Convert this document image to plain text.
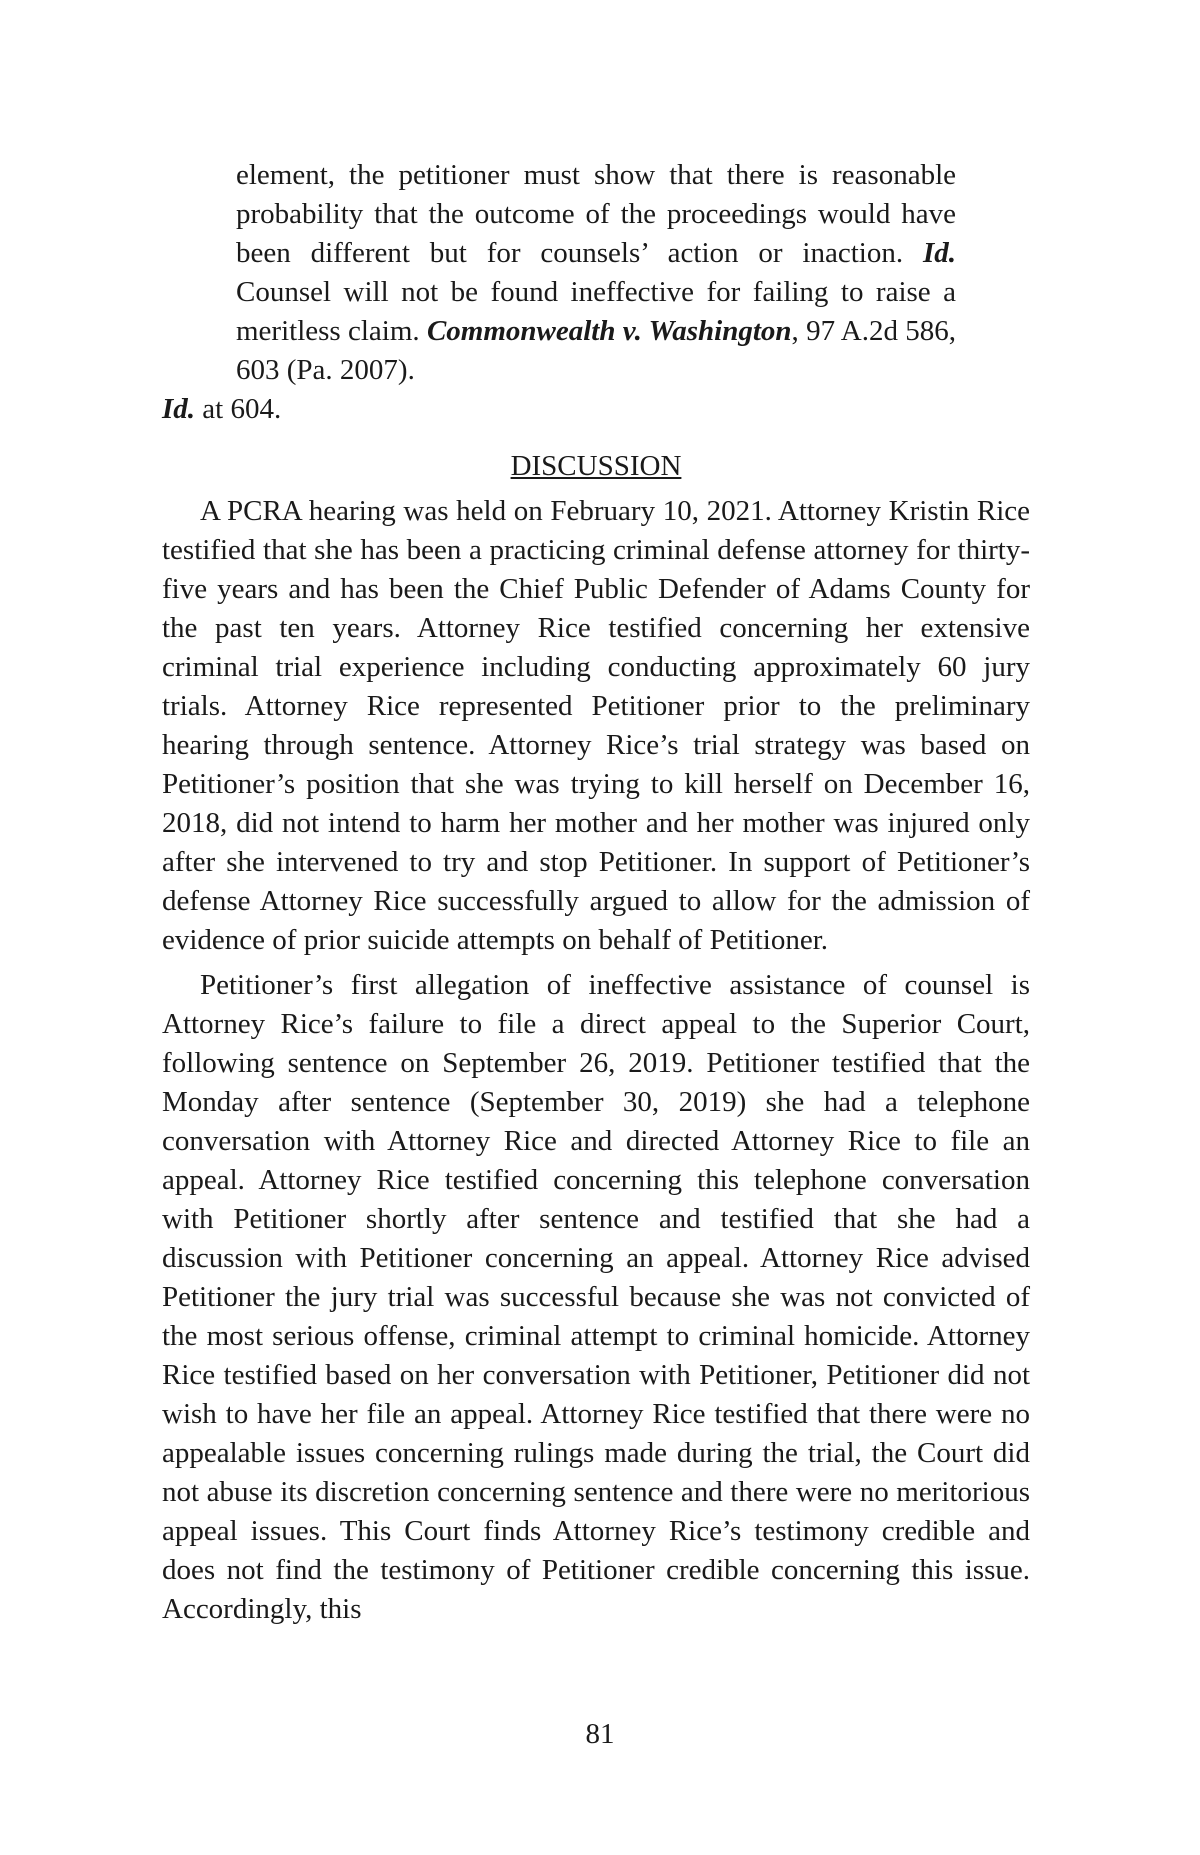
element, the petitioner must show that there is reasonable probability that the outcome of the proceedings would have been different but for counsels’ action or inaction. Id. Counsel will not be found ineffective for failing to raise a meritless claim. Commonwealth v. Washington, 97 A.2d 586, 603 (Pa. 2007).

Id. at 604.

DISCUSSION

A PCRA hearing was held on February 10, 2021. Attorney Kristin Rice testified that she has been a practicing criminal defense attorney for thirty-five years and has been the Chief Public Defender of Adams County for the past ten years. Attorney Rice testified concerning her extensive criminal trial experience including conducting approximately 60 jury trials. Attorney Rice represented Petitioner prior to the preliminary hearing through sentence. Attorney Rice’s trial strategy was based on Petitioner’s position that she was trying to kill herself on December 16, 2018, did not intend to harm her mother and her mother was injured only after she intervened to try and stop Petitioner. In support of Petitioner’s defense Attorney Rice successfully argued to allow for the admission of evidence of prior suicide attempts on behalf of Petitioner.

Petitioner’s first allegation of ineffective assistance of counsel is Attorney Rice’s failure to file a direct appeal to the Superior Court, following sentence on September 26, 2019. Petitioner testified that the Monday after sentence (September 30, 2019) she had a telephone conversation with Attorney Rice and directed Attorney Rice to file an appeal. Attorney Rice testified concerning this telephone conversation with Petitioner shortly after sentence and testified that she had a discussion with Petitioner concerning an appeal. Attorney Rice advised Petitioner the jury trial was successful because she was not convicted of the most serious offense, criminal attempt to criminal homicide. Attorney Rice testified based on her conversation with Petitioner, Petitioner did not wish to have her file an appeal. Attorney Rice testified that there were no appealable issues concerning rulings made during the trial, the Court did not abuse its discretion concerning sentence and there were no meritorious appeal issues. This Court finds Attorney Rice’s testimony credible and does not find the testimony of Petitioner credible concerning this issue. Accordingly, this

81
